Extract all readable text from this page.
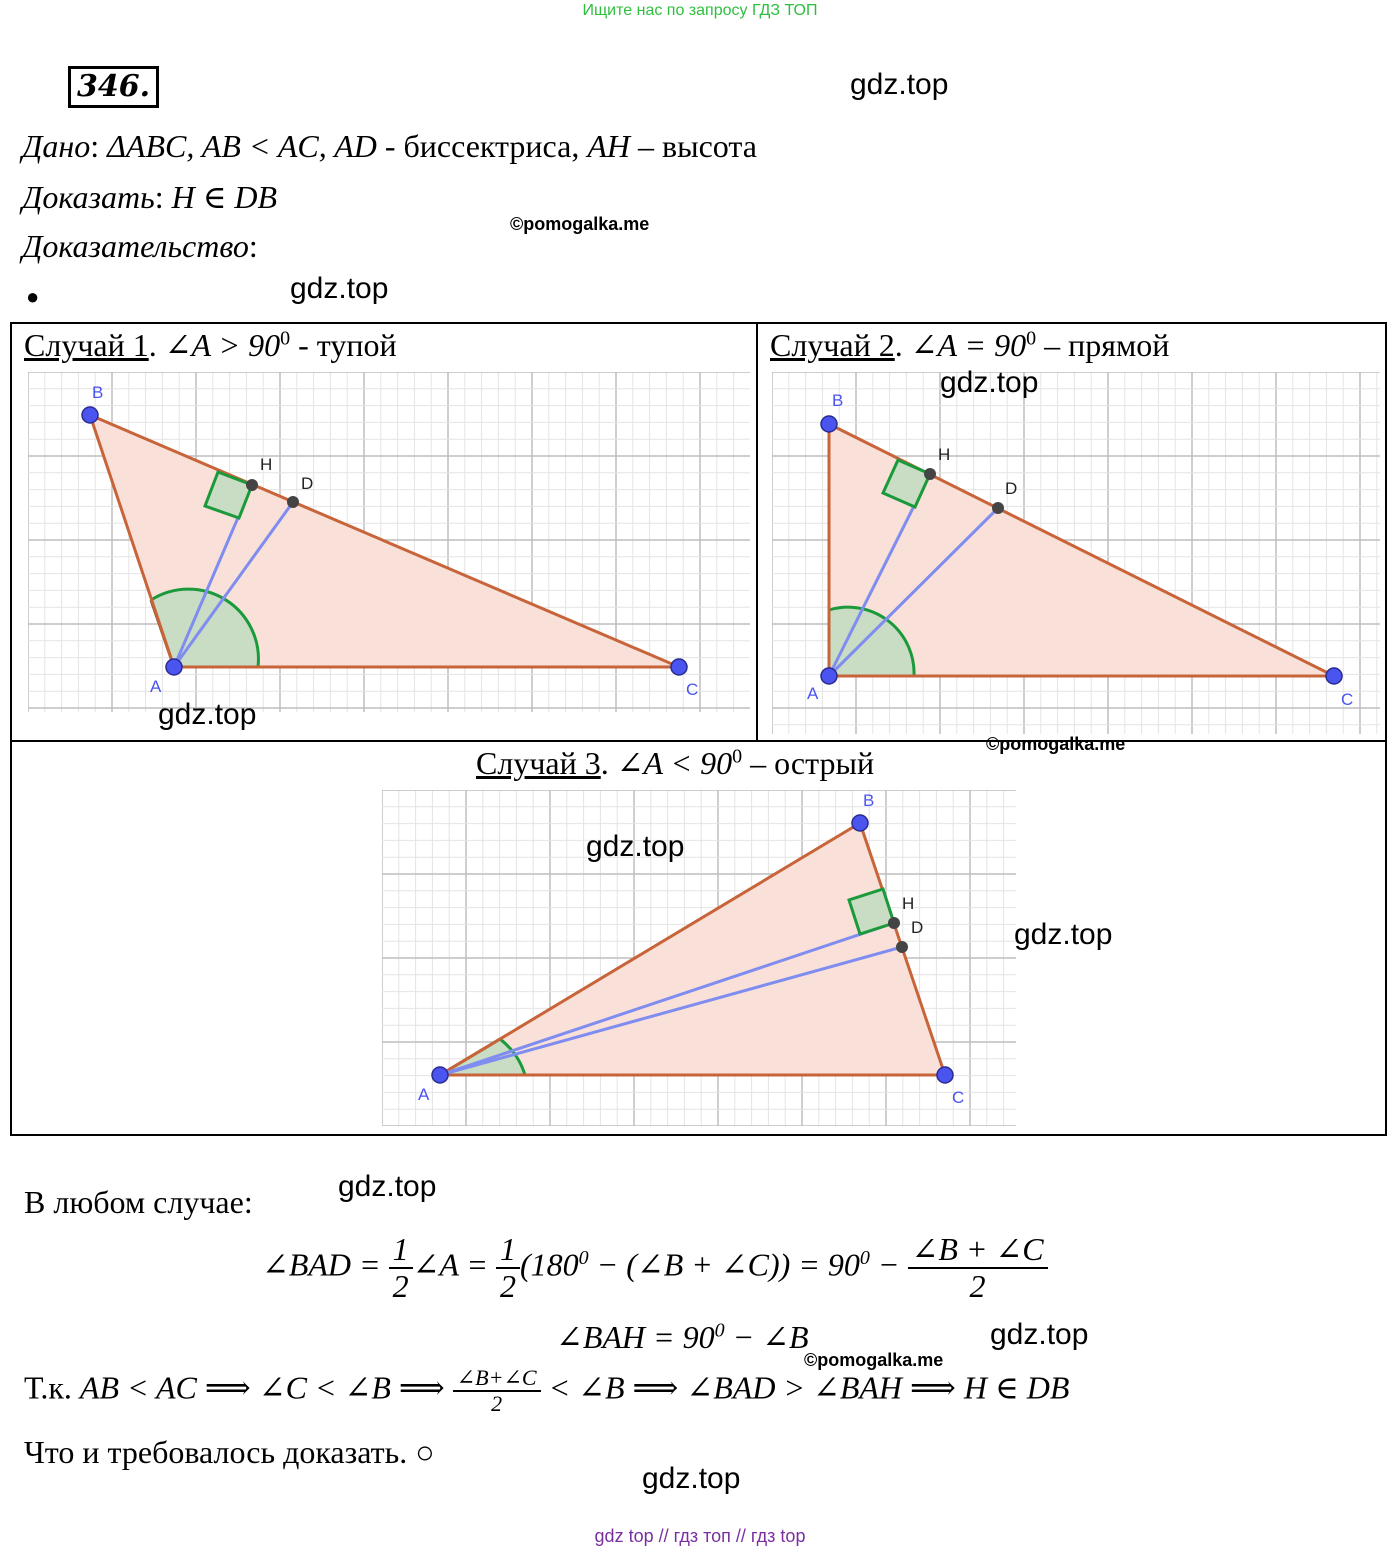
Ищите нас по запросу ГДЗ ТОП
346.	gdz.top
©pomogalka.me
gdz.top
Дано: ΔABC, AB < AC, AD - биссектриса, AH – высота
Доказать: H ∈ DB
Доказательство:
●
Случай 1. ∠A > $90^0$ - тупой	Случай 2. ∠A = $90^0$ – прямой
Случай 3. ∠A < $90^0$ – острый
B
A	C
H
D
B
A	C
H
D
B
A	C
H
D
gdz.top
gdz.top
©pomogalka.me
gdz.top
gdz.top
В любом случае:	gdz.top
∠BAD = $\frac{1}{2}$ ∠A = $\frac{1}{2} (180^0$ − (∠B + ∠C)) = $90^0 - \frac{\angle B + \angle C}{2}$
∠BAH = $90^0$ − ∠B	gdz.top
©pomogalka.me
Т.к. AB < AC ⟹ ∠C < ∠B ⟹ $\frac{\angle B+\angle C}{2}$ < ∠B ⟹ ∠BAD > ∠BAH ⟹ H ∈ DB
Что и требовалось доказать. ○
gdz.top
gdz top // гдз топ // гдз top
